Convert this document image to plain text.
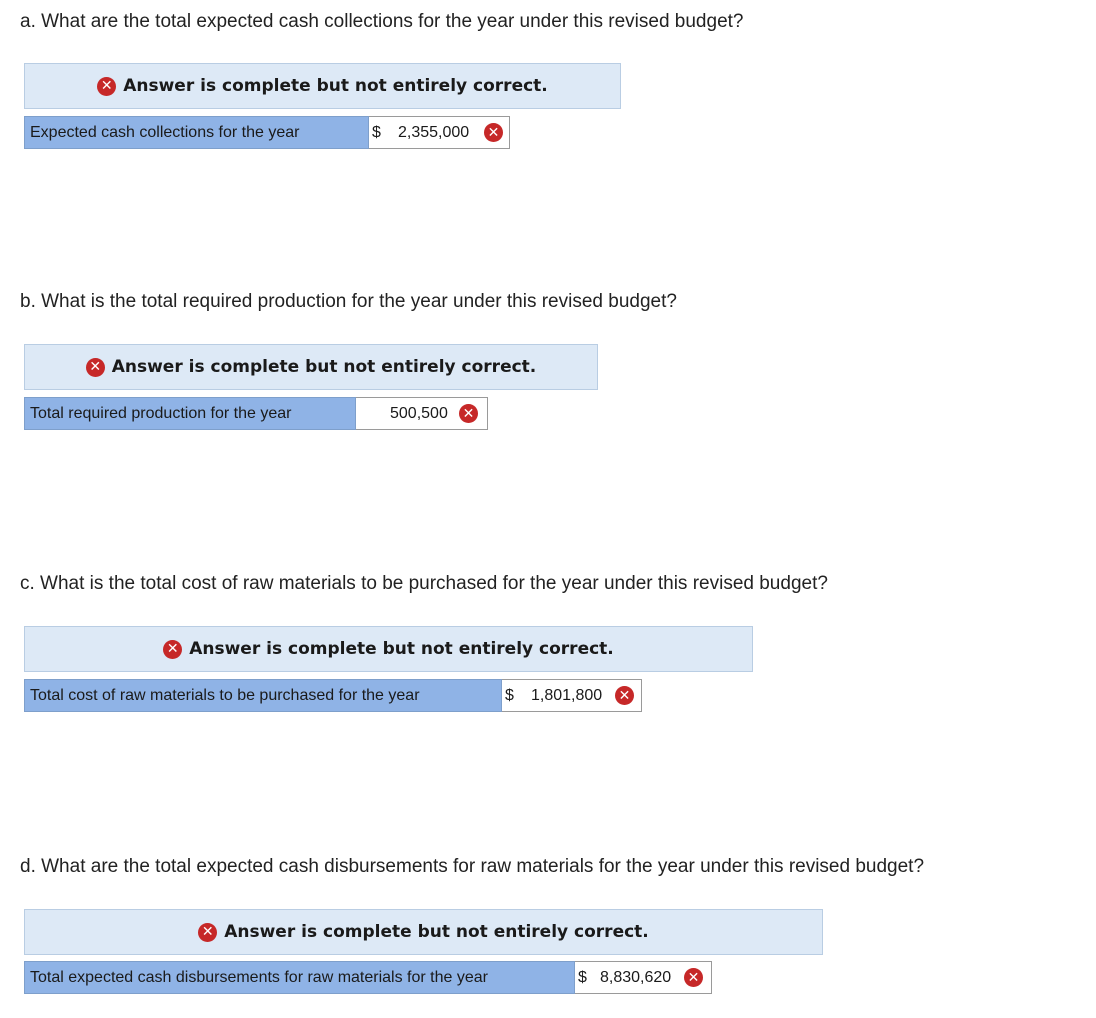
a. What are the total expected cash collections for the year under this revised budget?
✕ Answer is complete but not entirely correct.
Expected cash collections for the year	$ 2,355,000 ✕
b. What is the total required production for the year under this revised budget?
✕ Answer is complete but not entirely correct.
Total required production for the year	500,500 ✕
c. What is the total cost of raw materials to be purchased for the year under this revised budget?
✕ Answer is complete but not entirely correct.
Total cost of raw materials to be purchased for the year	$ 1,801,800 ✕
d. What are the total expected cash disbursements for raw materials for the year under this revised budget?
✕ Answer is complete but not entirely correct.
Total expected cash disbursements for raw materials for the year	$ 8,830,620 ✕
